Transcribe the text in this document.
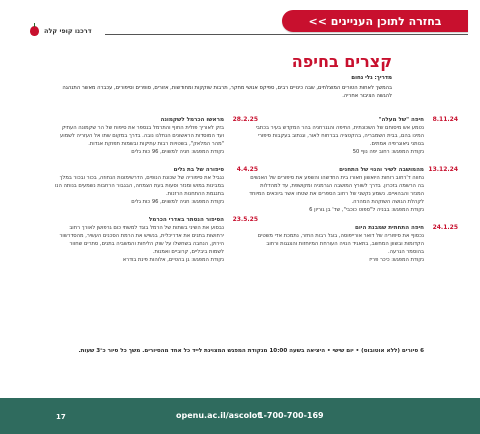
דרכנו קופי קלה
בחזרה לתוכן העניינים >>
קצרים בחיפה
מדריך: גלי נחום
בהמשך לאחות הטורים המוצלחים, שבה כינויים רבים, ספיקס אנושי מחקר, תרבות שוקקות ומחודשות, אזורים, סופרים וסיפורים, עכברה מאשר התנהגה להגשה הציבור אחריה.
8.11.24
חיפה "של מעלה"
נטמע אש מיסוחם של השכונתית, החיפה והגנרחניה בהר המקדש בעיר בכתבי המינו בהם, בבית השמבריה, בהקטציה בברחוח לאור, וגנתוב בעקבות סיפורי בנותני גיאוגרפיה אמתים.
נקודת המפגש: רחוב יפה נוף 50
13.12.24
מהמושבה לשיר והנוי של התחנים
נחווה ד'רחוב רוחות היואשון וזאורו בית החדשהו והשפע את סיפורים של האנשים בה הרשמה בזכרון. בדרך לשורץ המושבה הגרמניה ומקושפת, עד למהדלות המנזר והבהאיים. נשמע נקשני של רחוב הספרים את שטחו אשר ביוכאים המיוחד לקהלת הגושה השוקהת המהרה.
נקודת המפגש: בבניה ל"ספוט כוכבי", שד' בן גוריון 6
24.1.25
חיפה התחתית שמבנת היום
נכסוף את סיפוריה של דואר אורייפוסה, בוגל רבות החזר, נתמכת אדי משטים הקדומות ובשוון המחשב, בתאגיד הנויה העורחת המיוחזות והצגגות ורחוב בהוסמר הגרעה.
נקודת המפגש: כיכר פריז
28.2.25
מראשו הכרמל לשקמונה
בזק לאוריך פולית החוף והתרמל בנספר את סיפוח של הר שקמונה העתיק ועד המוסדות הראשונים הנחלנו נובה. בדרך במקום שתו אל העזריה לשמוע "מהר המלאק", בשטויות רבות עתיקות ובשמות תפוקת אגדות.
נקודת המפגש: חניה למשוים, 96 כות גלים
4.4.25
סיפורה של בת גלים
נגביל את סיפוריה של שכונת הנופים, הדרשימונות הנחוזה, בכור ובכור במלך במבינות במוש ומנזר וסעות בעת הצמחה, הבגבור הרחבות נשמעים בנותה הנו בתנגמת ההתחנות הרזנות.
נקודת המפגש: חניה למשוים, 96 כות גלים
23.5.25
הסיפור הנסתר באדרי הכרמל
נבסוע את השיני בשתות של הרמל בוגד למשתי כום גרפושן לאורך רחוב ירחושות בתנים את אדריכלית, בנשיש את הרמת הסכנים העשיר, מהסדרשור הירוק, הנחבה בשחשלו על שוק הליחות והמשביה בתנים, סתרים שחוור לשמות ביבליים, קרוביים ואמנות.
נקודת המפגש: גן בהטיים, אלוהות פינת בודרא
6 סיורים (ללא אוטובוס) • יום שישי • היציאה בשעה 10:00 מנקודת המפגש המצוינת לייד כל אחד מהסיורים. משך כל סיור כ־3 שעות.
17	openu.ac.il/ascolot
1-700-700-169
